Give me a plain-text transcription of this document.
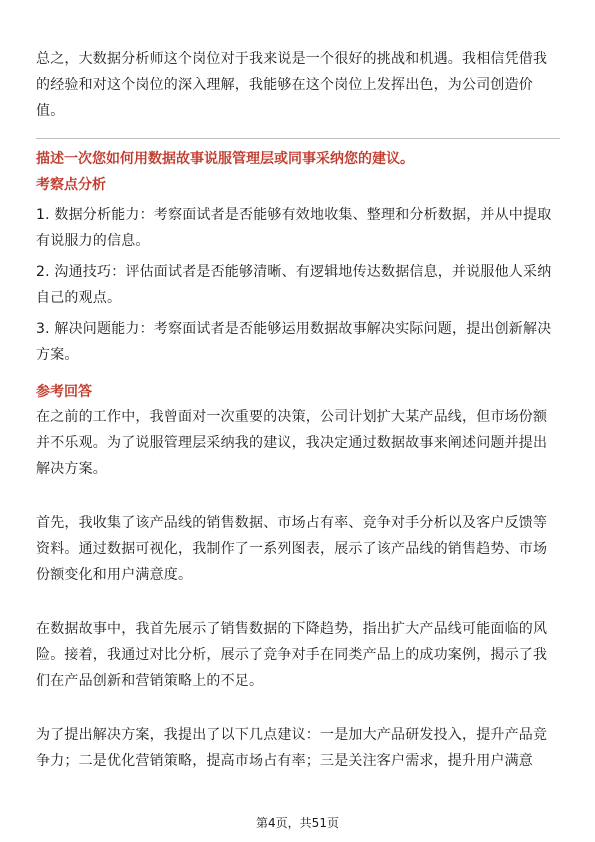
总之，大数据分析师这个岗位对于我来说是一个很好的挑战和机遇。我相信凭借我的经验和对这个岗位的深入理解，我能够在这个岗位上发挥出色，为公司创造价值。

描述一次您如何用数据故事说服管理层或同事采纳您的建议。
考察点分析

1. 数据分析能力：考察面试者是否能够有效地收集、整理和分析数据，并从中提取有说服力的信息。

2. 沟通技巧：评估面试者是否能够清晰、有逻辑地传达数据信息，并说服他人采纳自己的观点。

3. 解决问题能力：考察面试者是否能够运用数据故事解决实际问题，提出创新解决方案。

参考回答

在之前的工作中，我曾面对一次重要的决策，公司计划扩大某产品线，但市场份额并不乐观。为了说服管理层采纳我的建议，我决定通过数据故事来阐述问题并提出解决方案。

首先，我收集了该产品线的销售数据、市场占有率、竞争对手分析以及客户反馈等资料。通过数据可视化，我制作了一系列图表，展示了该产品线的销售趋势、市场份额变化和用户满意度。

在数据故事中，我首先展示了销售数据的下降趋势，指出扩大产品线可能面临的风险。接着，我通过对比分析，展示了竞争对手在同类产品上的成功案例，揭示了我们在产品创新和营销策略上的不足。

为了提出解决方案，我提出了以下几点建议：一是加大产品研发投入，提升产品竞争力；二是优化营销策略，提高市场占有率；三是关注客户需求，提升用户满意

第4页，共51页
